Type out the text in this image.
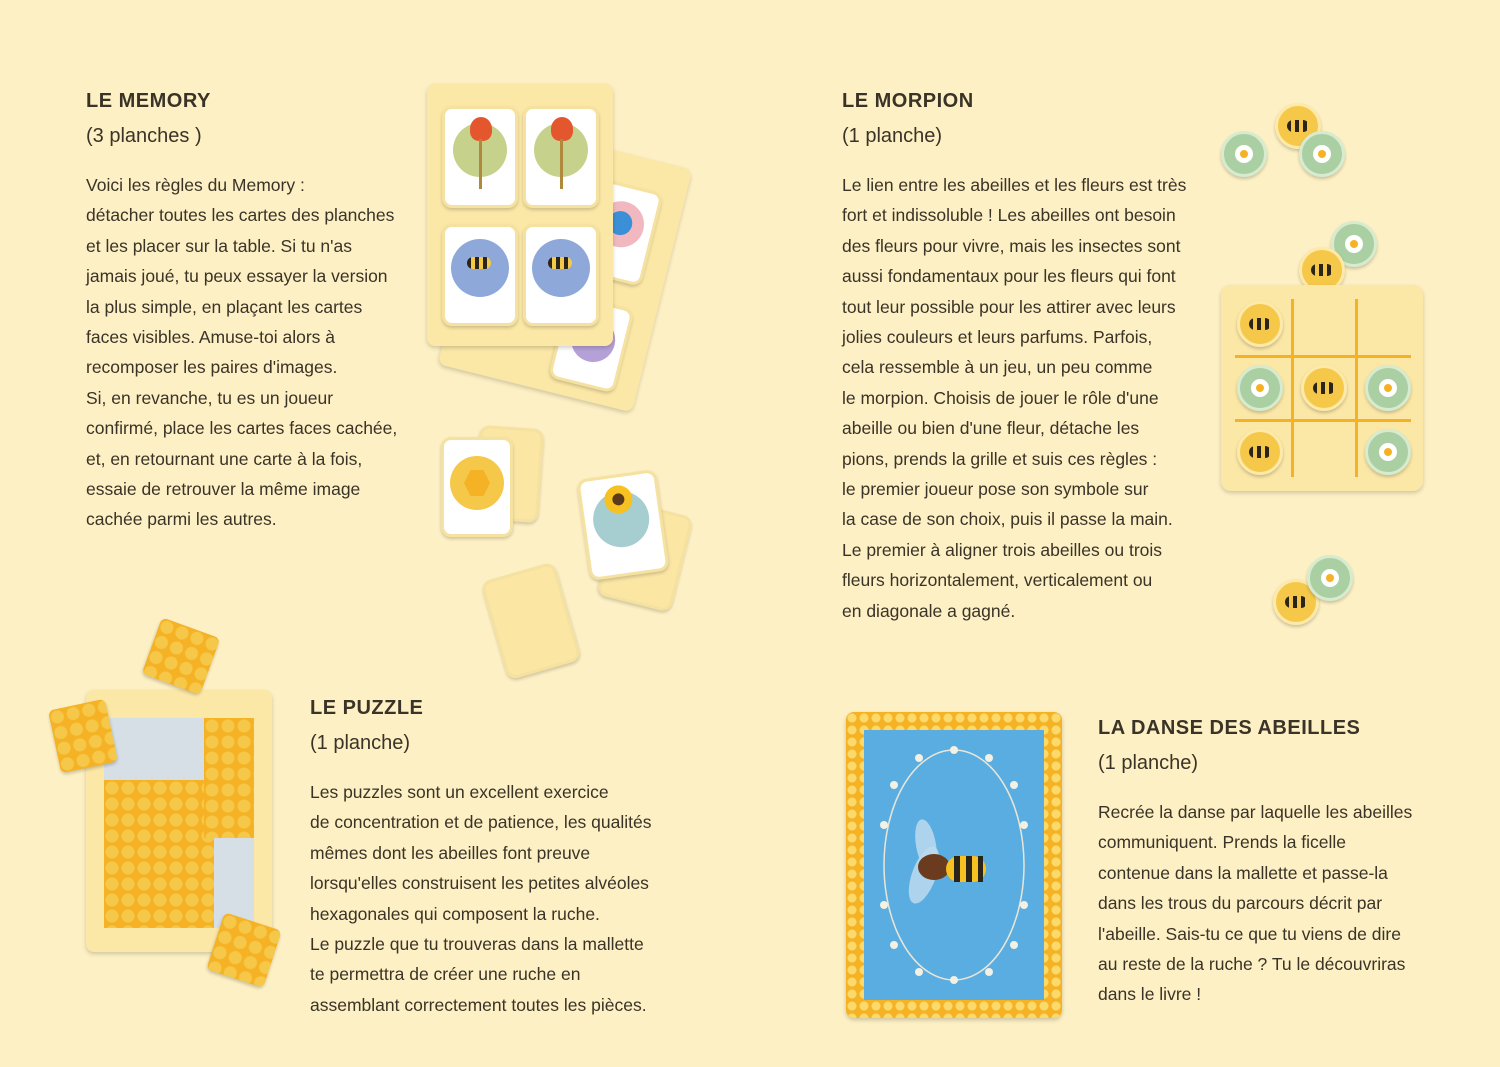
LE MEMORY
(3 planches )
Voici les règles du Memory :
détacher toutes les cartes des planches
et les placer sur la table. Si tu n'as
jamais joué, tu peux essayer la version
la plus simple, en plaçant les cartes
faces visibles. Amuse-toi alors à
recomposer les paires d'images.
Si, en revanche, tu es un joueur
confirmé, place les cartes faces cachée,
et, en retournant une carte à la fois,
essaie de retrouver la même image
cachée parmi les autres.
LE MORPION
(1 planche)
Le lien entre les abeilles et les fleurs est très
fort et indissoluble ! Les abeilles ont besoin
des fleurs pour vivre, mais les insectes sont
aussi fondamentaux pour les fleurs qui font
tout leur possible pour les attirer avec leurs
jolies couleurs et leurs parfums. Parfois,
cela ressemble à un jeu, un peu comme
le morpion. Choisis de jouer le rôle d'une
abeille ou bien d'une fleur, détache les
pions, prends la grille et suis ces règles :
le premier joueur pose son symbole sur
la case de son choix, puis il passe la main.
Le premier à aligner trois abeilles ou trois
fleurs horizontalement, verticalement ou
en diagonale a gagné.
LE PUZZLE
(1 planche)
Les puzzles sont un excellent exercice
de concentration et de patience, les qualités
mêmes dont les abeilles font preuve
lorsqu'elles construisent les petites alvéoles
hexagonales qui composent la ruche.
Le puzzle que tu trouveras dans la mallette
te permettra de créer une ruche en
assemblant correctement toutes les pièces.
LA DANSE DES ABEILLES
(1 planche)
Recrée la danse par laquelle les abeilles
communiquent. Prends la ficelle
contenue dans la mallette et passe-la
dans les trous du parcours décrit par
l'abeille. Sais-tu ce que tu viens de dire
au reste de la ruche ? Tu le découvriras
dans le livre !
